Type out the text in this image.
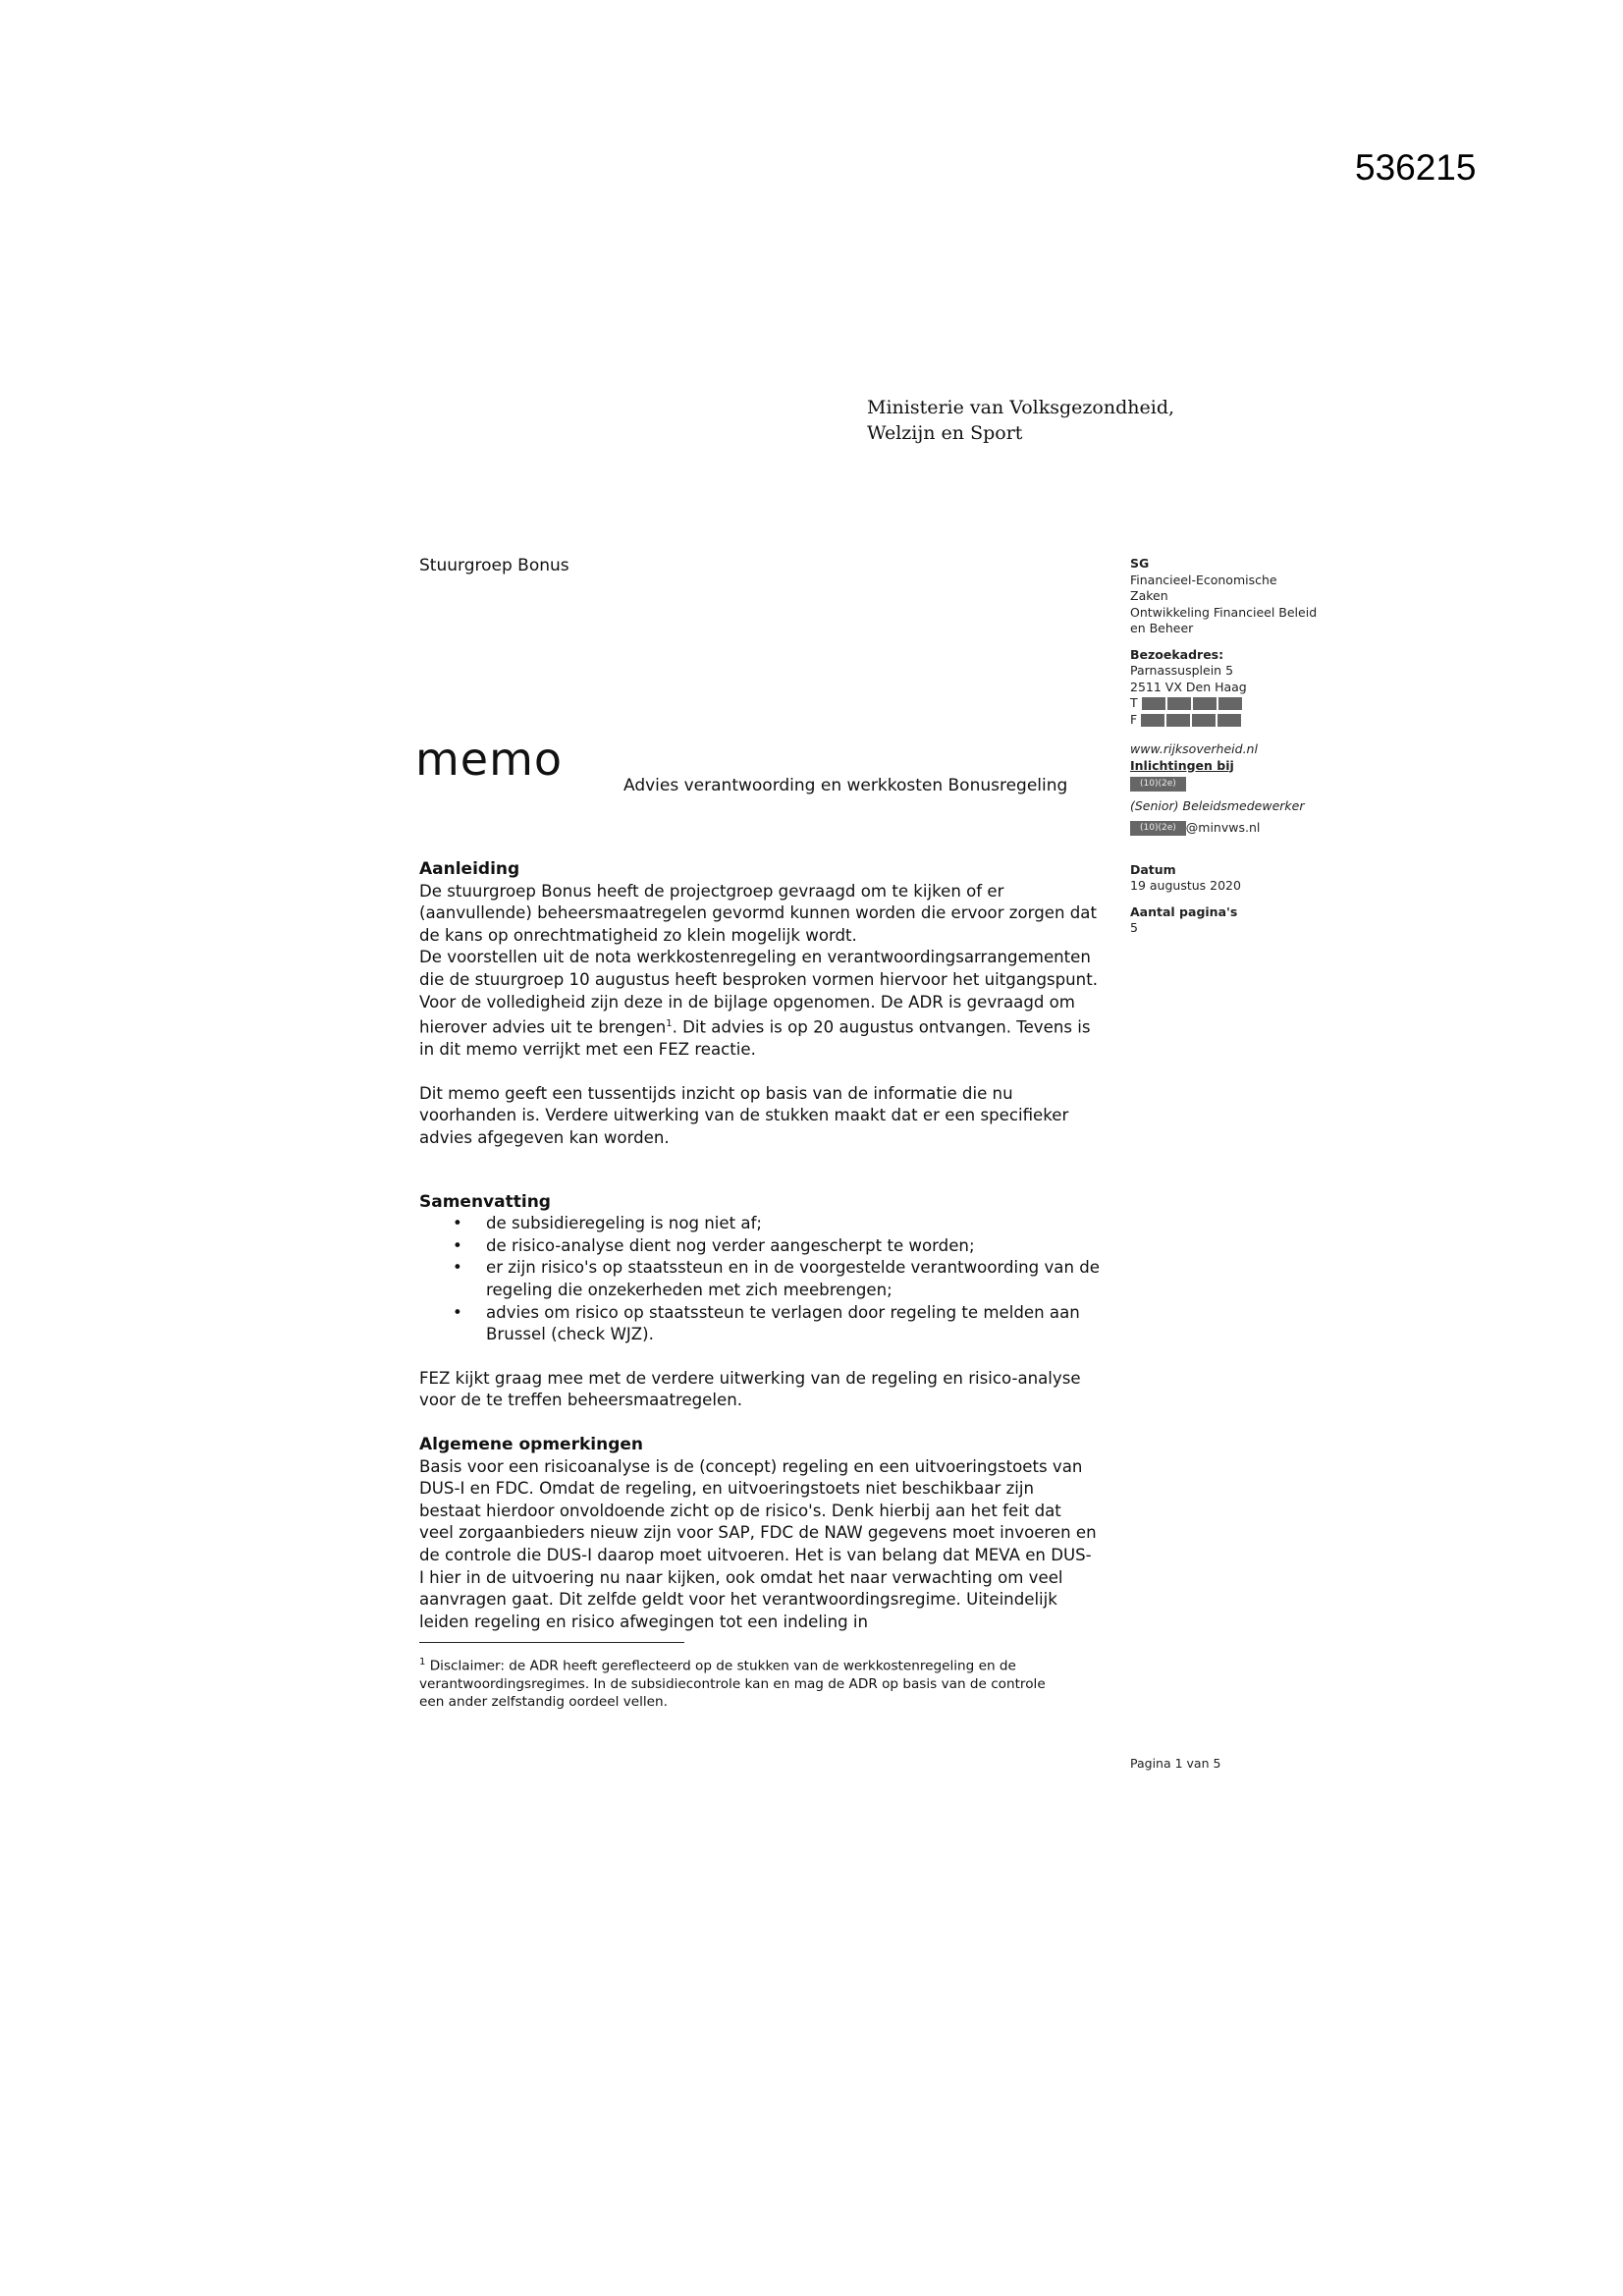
536215
Ministerie van Volksgezondheid,
Welzijn en Sport
Stuurgroep Bonus
memo	Advies verantwoording en werkkosten Bonusregeling
SG
Financieel-Economische
Zaken
Ontwikkeling Financieel Beleid
en Beheer
Bezoekadres:
Parnassusplein 5
2511 VX Den Haag
T
F
www.rijksoverheid.nl
Inlichtingen bij
(10)(2e)
(Senior) Beleidsmedewerker
(10)(2e) @minvws.nl
Datum
19 augustus 2020
Aantal pagina's
5
Aanleiding

De stuurgroep Bonus heeft de projectgroep gevraagd om te kijken of er
(aanvullende) beheersmaatregelen gevormd kunnen worden die ervoor zorgen dat
de kans op onrechtmatigheid zo klein mogelijk wordt.
De voorstellen uit de nota werkkostenregeling en verantwoordingsarrangementen
die de stuurgroep 10 augustus heeft besproken vormen hiervoor het uitgangspunt.
Voor de volledigheid zijn deze in de bijlage opgenomen. De ADR is gevraagd om
hierover advies uit te brengen$^1$. Dit advies is op 20 augustus ontvangen. Tevens is
in dit memo verrijkt met een FEZ reactie.

Dit memo geeft een tussentijds inzicht op basis van de informatie die nu
voorhanden is. Verdere uitwerking van de stukken maakt dat er een specifieker
advies afgegeven kan worden.

Samenvatting
• de subsidieregeling is nog niet af;
• de risico-analyse dient nog verder aangescherpt te worden;
• er zijn risico's op staatssteun en in de voorgestelde verantwoording van de regeling die onzekerheden met zich meebrengen;
• advies om risico op staatssteun te verlagen door regeling te melden aan Brussel (check WJZ).

FEZ kijkt graag mee met de verdere uitwerking van de regeling en risico-analyse
voor de te treffen beheersmaatregelen.

Algemene opmerkingen

Basis voor een risicoanalyse is de (concept) regeling en een uitvoeringstoets van
DUS-I en FDC. Omdat de regeling, en uitvoeringstoets niet beschikbaar zijn
bestaat hierdoor onvoldoende zicht op de risico's. Denk hierbij aan het feit dat
veel zorgaanbieders nieuw zijn voor SAP, FDC de NAW gegevens moet invoeren en
de controle die DUS-I daarop moet uitvoeren. Het is van belang dat MEVA en DUS-
I hier in de uitvoering nu naar kijken, ook omdat het naar verwachting om veel
aanvragen gaat. Dit zelfde geldt voor het verantwoordingsregime. Uiteindelijk
leiden regeling en risico afwegingen tot een indeling in

$^1$ Disclaimer: de ADR heeft gereflecteerd op de stukken van de werkkostenregeling en de
verantwoordingsregimes. In de subsidiecontrole kan en mag de ADR op basis van de controle
een ander zelfstandig oordeel vellen.

Pagina 1 van 5
